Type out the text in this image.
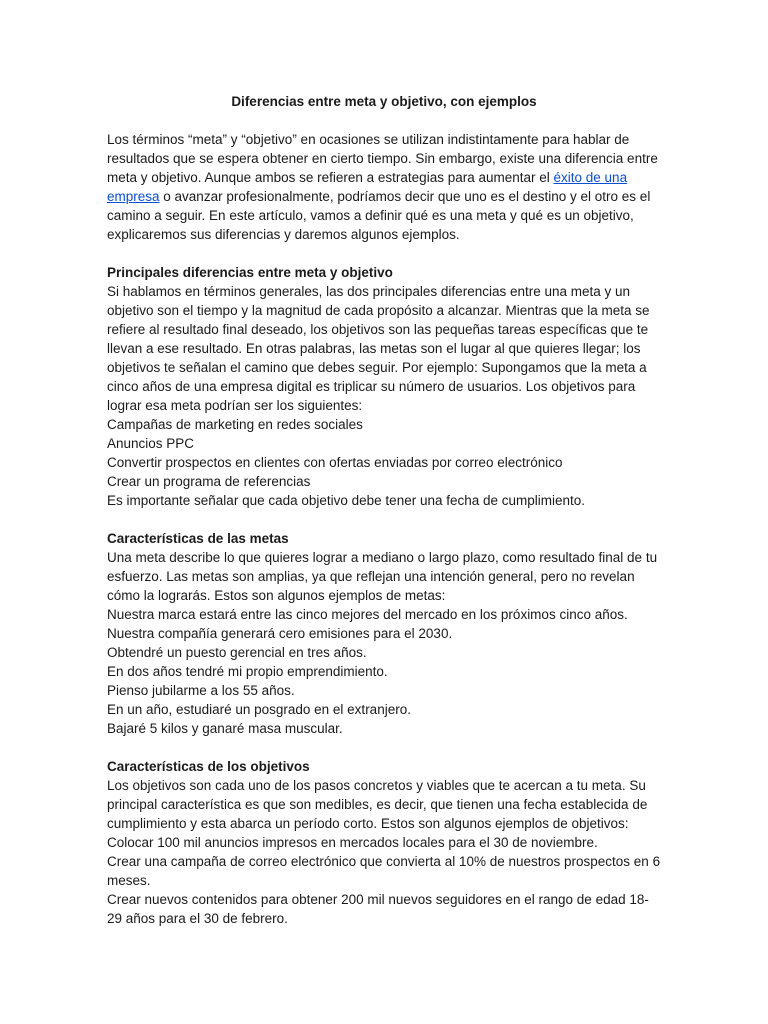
Diferencias entre meta y objetivo, con ejemplos

Los términos “meta” y “objetivo” en ocasiones se utilizan indistintamente para hablar de resultados que se espera obtener en cierto tiempo. Sin embargo, existe una diferencia entre meta y objetivo. Aunque ambos se refieren a estrategias para aumentar el éxito de una empresa o avanzar profesionalmente, podríamos decir que uno es el destino y el otro es el camino a seguir. En este artículo, vamos a definir qué es una meta y qué es un objetivo, explicaremos sus diferencias y daremos algunos ejemplos.

Principales diferencias entre meta y objetivo

Si hablamos en términos generales, las dos principales diferencias entre una meta y un objetivo son el tiempo y la magnitud de cada propósito a alcanzar. Mientras que la meta se refiere al resultado final deseado, los objetivos son las pequeñas tareas específicas que te llevan a ese resultado. En otras palabras, las metas son el lugar al que quieres llegar; los objetivos te señalan el camino que debes seguir. Por ejemplo: Supongamos que la meta a cinco años de una empresa digital es triplicar su número de usuarios. Los objetivos para lograr esa meta podrían ser los siguientes:

Campañas de marketing en redes sociales
Anuncios PPC
Convertir prospectos en clientes con ofertas enviadas por correo electrónico
Crear un programa de referencias
Es importante señalar que cada objetivo debe tener una fecha de cumplimiento.

Características de las metas

Una meta describe lo que quieres lograr a mediano o largo plazo, como resultado final de tu esfuerzo. Las metas son amplias, ya que reflejan una intención general, pero no revelan cómo la lograrás. Estos son algunos ejemplos de metas:

Nuestra marca estará entre las cinco mejores del mercado en los próximos cinco años.
Nuestra compañía generará cero emisiones para el 2030.
Obtendré un puesto gerencial en tres años.
En dos años tendré mi propio emprendimiento.
Pienso jubilarme a los 55 años.
En un año, estudiaré un posgrado en el extranjero.
Bajaré 5 kilos y ganaré masa muscular.

Características de los objetivos

Los objetivos son cada uno de los pasos concretos y viables que te acercan a tu meta. Su principal característica es que son medibles, es decir, que tienen una fecha establecida de cumplimiento y esta abarca un período corto. Estos son algunos ejemplos de objetivos:

Colocar 100 mil anuncios impresos en mercados locales para el 30 de noviembre.
Crear una campaña de correo electrónico que convierta al 10% de nuestros prospectos en 6 meses.
Crear nuevos contenidos para obtener 200 mil nuevos seguidores en el rango de edad 18-29 años para el 30 de febrero.
